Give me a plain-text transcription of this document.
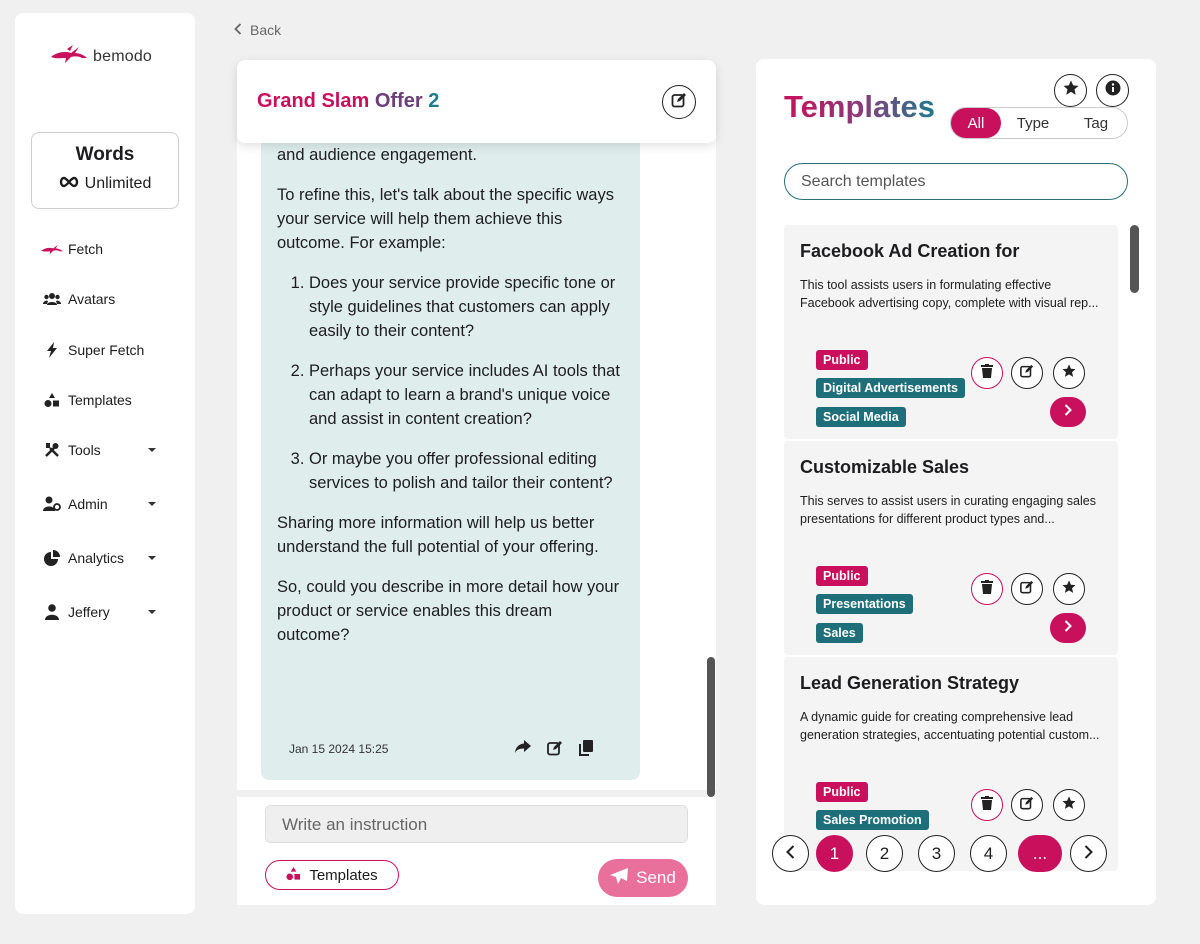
bemodo
Words
Unlimited
Fetch
Avatars
Super Fetch
Templates
Tools
Admin
Analytics
Jeffery
Back
Grand Slam Offer 2

and audience engagement.

To refine this, let's talk about the specific ways your service will help them achieve this outcome. For example:

1. Does your service provide specific tone or style guidelines that customers can apply easily to their content?
2. Perhaps your service includes AI tools that can adapt to learn a brand's unique voice and assist in content creation?
3. Or maybe you offer professional editing services to polish and tailor their content?

Sharing more information will help us better understand the full potential of your offering.

So, could you describe in more detail how your product or service enables this dream outcome?

Jan 15 2024 15:25
Write an instruction
Templates	Send
Templates	All	Type	Tag
Search templates
Facebook Ad Creation for
This tool assists users in formulating effective Facebook advertising copy, complete with visual rep...
Public
Digital Advertisements
Social Media
Customizable Sales
This serves to assist users in curating engaging sales presentations for different product types and...
Public
Presentations
Sales
Lead Generation Strategy
A dynamic guide for creating comprehensive lead generation strategies, accentuating potential custom...
Public
Sales Promotion
1	2	3	4	...
